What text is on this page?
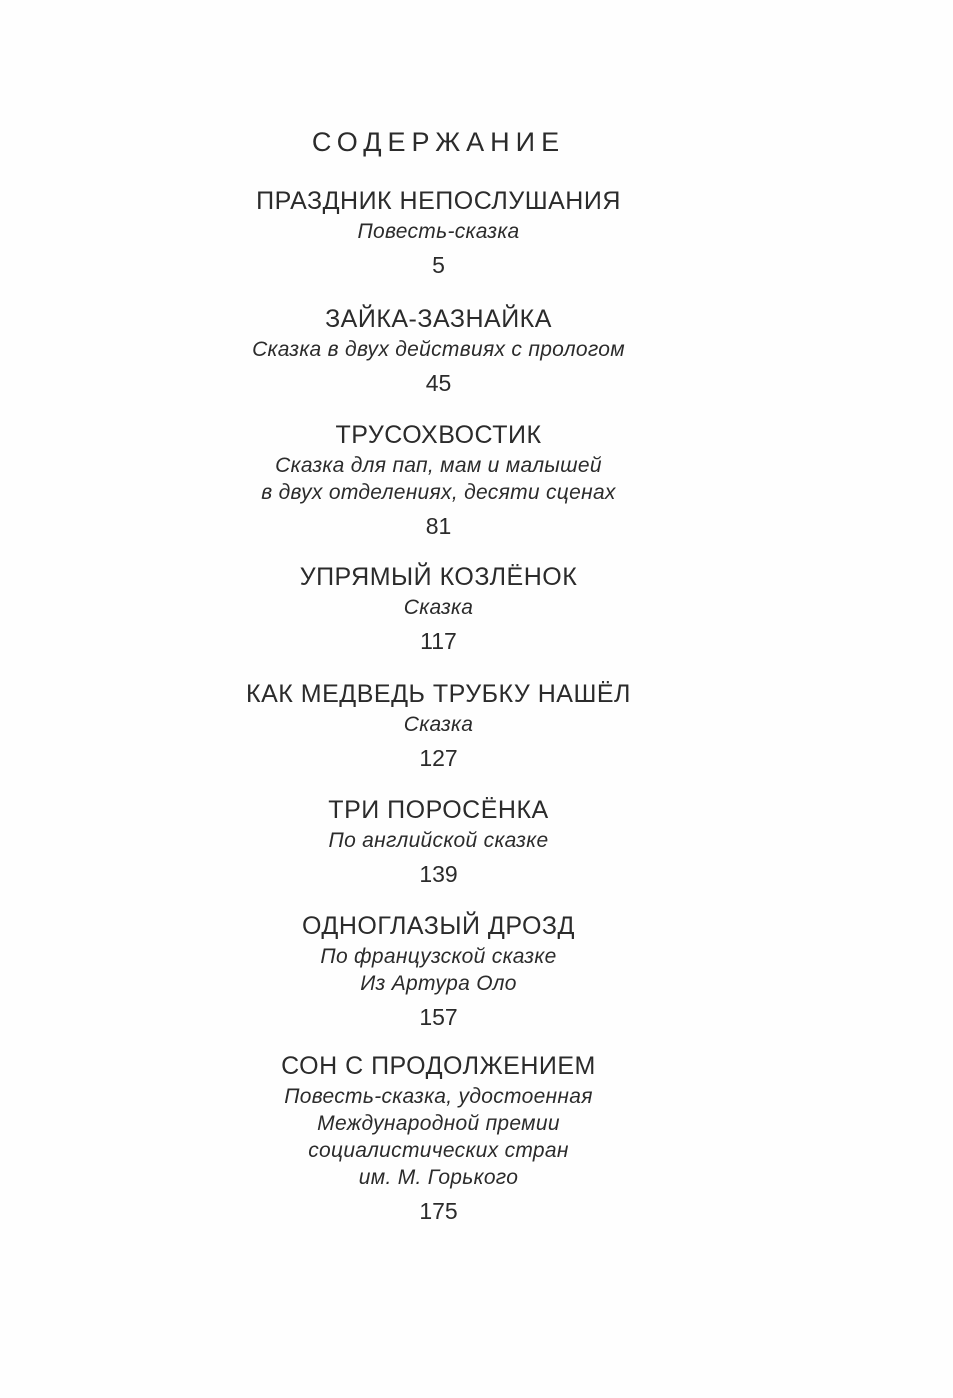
СОДЕРЖАНИЕ
ПРАЗДНИК НЕПОСЛУШАНИЯ
Повесть-сказка
5
ЗАЙКА-ЗАЗНАЙКА
Сказка в двух действиях с прологом
45
ТРУСОХВОСТИК
Сказка для пап, мам и малышей
в двух отделениях, десяти сценах
81
УПРЯМЫЙ КОЗЛЁНОК
Сказка
117
КАК МЕДВЕДЬ ТРУБКУ НАШЁЛ
Сказка
127
ТРИ ПОРОСЁНКА
По английской сказке
139
ОДНОГЛАЗЫЙ ДРОЗД
По французской сказке
Из Артура Оло
157
СОН С ПРОДОЛЖЕНИЕМ
Повесть-сказка, удостоенная
Международной премии
социалистических стран
им. М. Горького
175
